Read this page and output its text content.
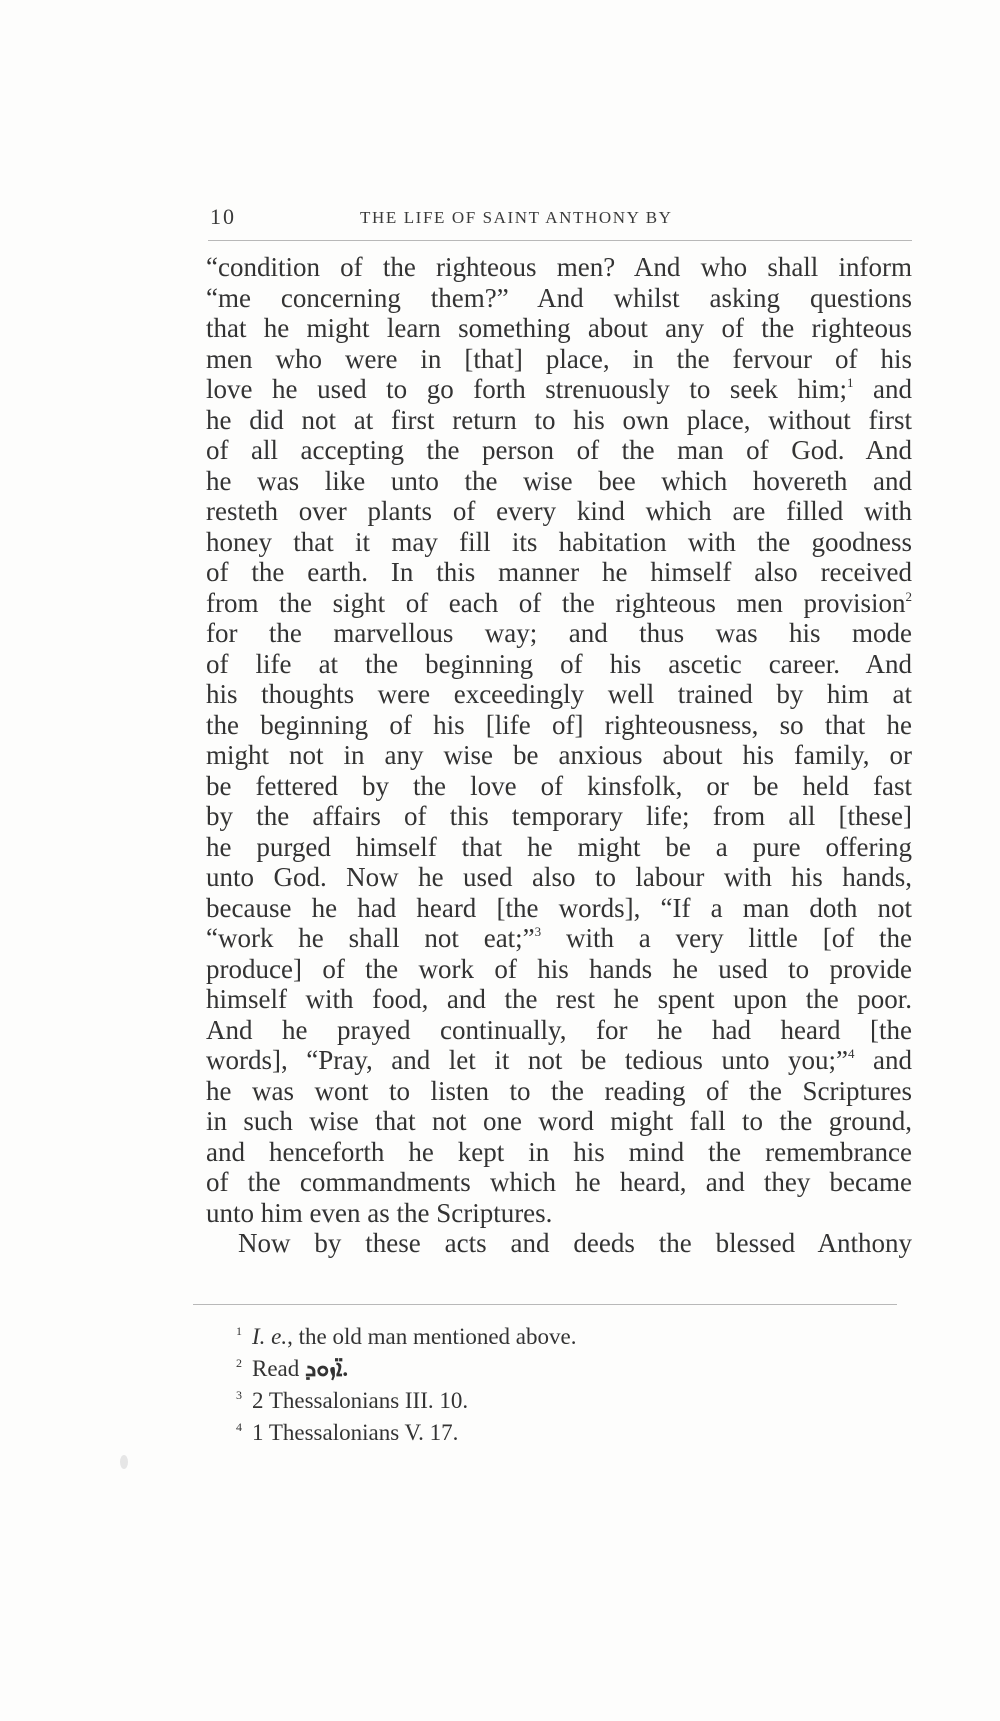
10	THE LIFE OF SAINT ANTHONY BY
“condition of the righteous men? And who shall inform
“me concerning them?” And whilst asking questions
that he might learn something about any of the righteous
men who were in [that] place, in the fervour of his
love he used to go forth strenuously to seek him;$^1$ and
he did not at first return to his own place, without first
of all accepting the person of the man of God. And
he was like unto the wise bee which hovereth and
resteth over plants of every kind which are filled with
honey that it may fill its habitation with the goodness
of the earth. In this manner he himself also received
from the sight of each of the righteous men provision$^2$
for the marvellous way; and thus was his mode
of life at the beginning of his ascetic career. And
his thoughts were exceedingly well trained by him at
the beginning of his [life of] righteousness, so that he
might not in any wise be anxious about his family, or
be fettered by the love of kinsfolk, or be held fast
by the affairs of this temporary life; from all [these]
he purged himself that he might be a pure offering
unto God. Now he used also to labour with his hands,
because he had heard [the words], “If a man doth not
“work he shall not eat;”$^3$ with a very little [of the
produce] of the work of his hands he used to provide
himself with food, and the rest he spent upon the poor.
And he prayed continually, for he had heard [the
words], “Pray, and let it not be tedious unto you;”$^4$ and
he was wont to listen to the reading of the Scriptures
in such wise that not one word might fall to the ground,
and henceforth he kept in his mind the remembrance
of the commandments which he heard, and they became
unto him even as the Scriptures.
Now by these acts and deeds the blessed Anthony
$^1$ I. e., the old man mentioned above.
$^2$ Read ܐ̈ܙܘܕ.
$^3$ 2 Thessalonians III. 10.
$^4$ 1 Thessalonians V. 17.
